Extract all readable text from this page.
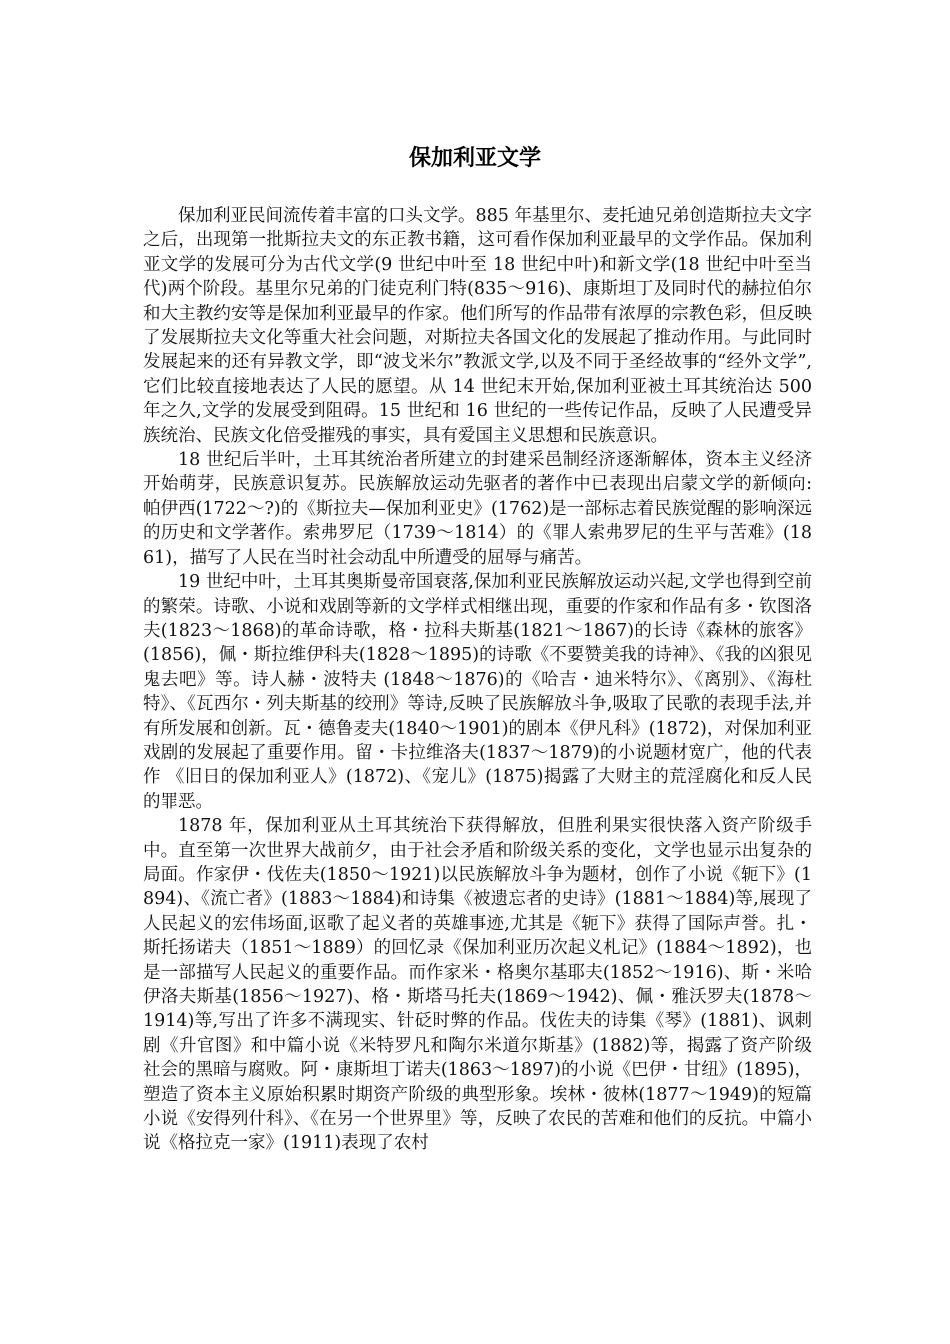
保加利亚文学

保加利亚民间流传着丰富的口头文学。885 年基里尔、麦托迪兄弟创造斯拉夫文字之后，出现第一批斯拉夫文的东正教书籍，这可看作保加利亚最早的文学作品。保加利亚文学的发展可分为古代文学(9 世纪中叶至 18 世纪中叶)和新文学(18 世纪中叶至当代)两个阶段。基里尔兄弟的门徒克利门特(835～916)、康斯坦丁及同时代的赫拉伯尔和大主教约安等是保加利亚最早的作家。他们所写的作品带有浓厚的宗教色彩，但反映了发展斯拉夫文化等重大社会问题，对斯拉夫各国文化的发展起了推动作用。与此同时发展起来的还有异教文学，即“波戈米尔”教派文学,以及不同于圣经故事的“经外文学”,它们比较直接地表达了人民的愿望。从 14 世纪末开始,保加利亚被土耳其统治达 500 年之久,文学的发展受到阻碍。15 世纪和 16 世纪的一些传记作品，反映了人民遭受异族统治、民族文化倍受摧残的事实，具有爱国主义思想和民族意识。

18 世纪后半叶，土耳其统治者所建立的封建采邑制经济逐渐解体，资本主义经济开始萌芽，民族意识复苏。民族解放运动先驱者的著作中已表现出启蒙文学的新倾向:帕伊西(1722～?)的《斯拉夫—保加利亚史》(1762)是一部标志着民族觉醒的影响深远的历史和文学著作。索弗罗尼（1739～1814）的《罪人索弗罗尼的生平与苦难》(1861)，描写了人民在当时社会动乱中所遭受的屈辱与痛苦。

19 世纪中叶，土耳其奥斯曼帝国衰落,保加利亚民族解放运动兴起,文学也得到空前的繁荣。诗歌、小说和戏剧等新的文学样式相继出现，重要的作家和作品有多・钦图洛夫(1823～1868)的革命诗歌，格・拉科夫斯基(1821～1867)的长诗《森林的旅客》(1856)，佩・斯拉维伊科夫(1828～1895)的诗歌《不要赞美我的诗神》、《我的凶狠见鬼去吧》等。诗人赫・波特夫 (1848～1876)的《哈吉・迪米特尔》、《离别》、《海杜特》、《瓦西尔・列夫斯基的绞刑》等诗,反映了民族解放斗争,吸取了民歌的表现手法,并有所发展和创新。瓦・德鲁麦夫(1840～1901)的剧本《伊凡科》(1872)，对保加利亚戏剧的发展起了重要作用。留・卡拉维洛夫(1837～1879)的小说题材宽广，他的代表作 《旧日的保加利亚人》(1872)、《宠儿》(1875)揭露了大财主的荒淫腐化和反人民的罪恶。

1878 年，保加利亚从土耳其统治下获得解放，但胜利果实很快落入资产阶级手中。直至第一次世界大战前夕，由于社会矛盾和阶级关系的变化，文学也显示出复杂的局面。作家伊・伐佐夫(1850～1921)以民族解放斗争为题材，创作了小说《轭下》(1894)、《流亡者》(1883～1884)和诗集《被遗忘者的史诗》(1881～1884)等,展现了人民起义的宏伟场面,讴歌了起义者的英雄事迹,尤其是《轭下》获得了国际声誉。扎・斯托扬诺夫（1851～1889）的回忆录《保加利亚历次起义札记》(1884～1892)，也是一部描写人民起义的重要作品。而作家米・格奥尔基耶夫(1852～1916)、斯・米哈伊洛夫斯基(1856～1927)、格・斯塔马托夫(1869～1942)、佩・雅沃罗夫(1878～1914)等,写出了许多不满现实、针砭时弊的作品。伐佐夫的诗集《琴》(1881)、讽刺剧《升官图》和中篇小说《米特罗凡和陶尔米道尔斯基》(1882)等，揭露了资产阶级社会的黑暗与腐败。阿・康斯坦丁诺夫(1863～1897)的小说《巴伊・甘纽》(1895)，塑造了资本主义原始积累时期资产阶级的典型形象。埃林・彼林(1877～1949)的短篇小说《安得列什科》、《在另一个世界里》等，反映了农民的苦难和他们的反抗。中篇小说《格拉克一家》(1911)表现了农村
